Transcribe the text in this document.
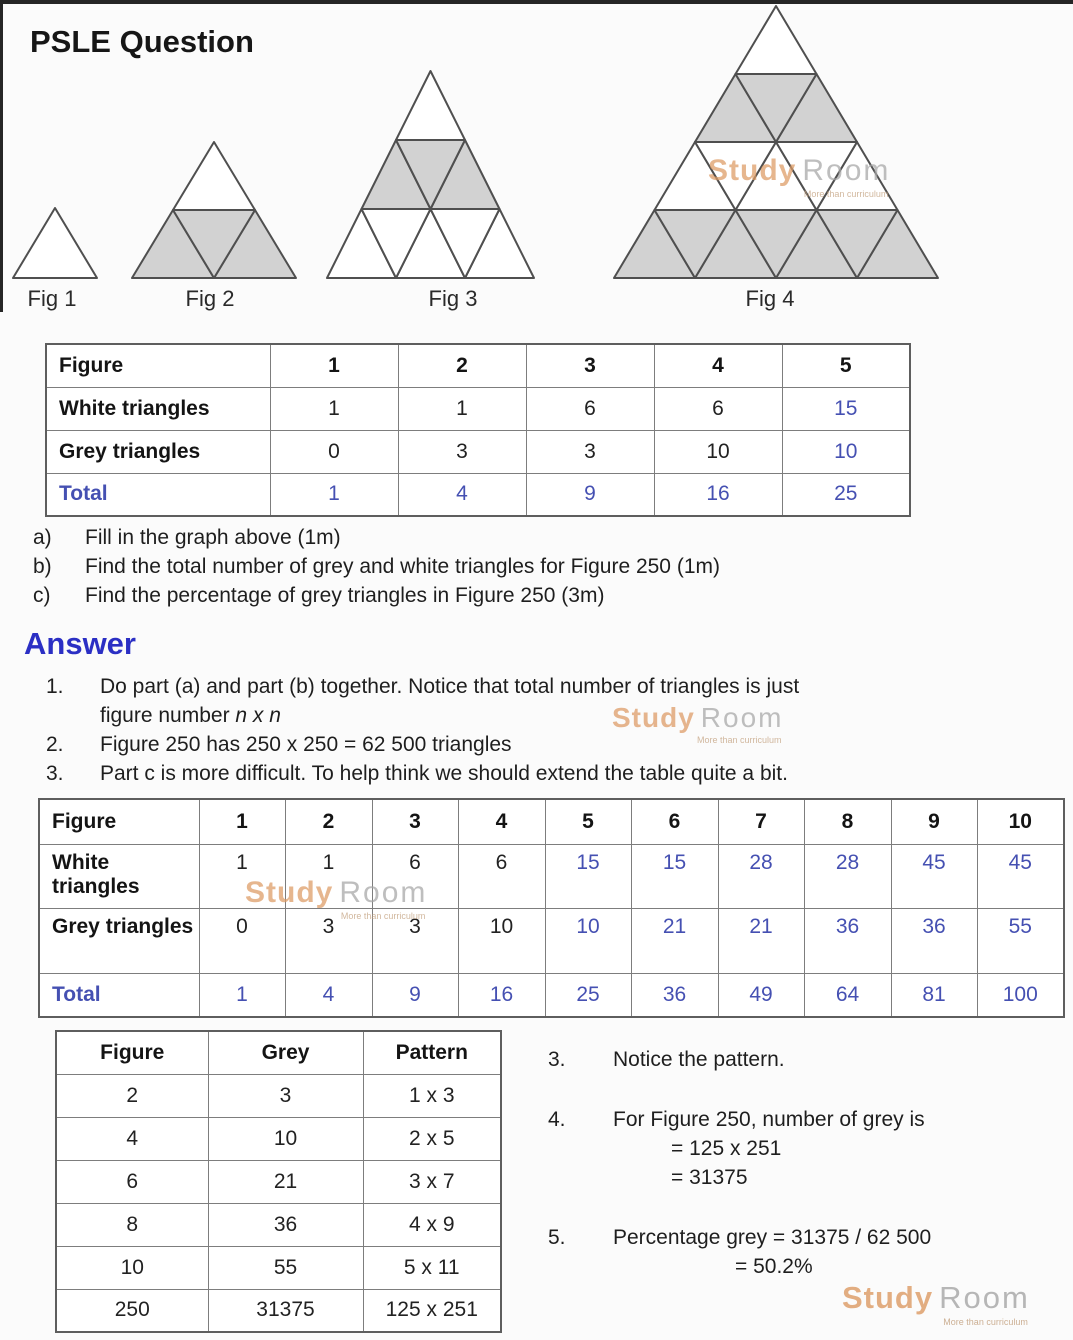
PSLE Question
Fig 1	Fig 2	Fig 3	Fig 4
Figure	1	2	3	4	5
White triangles	1	1	6	6	15
Grey triangles	0	3	3	10	10
Total	1	4	9	16	25
a)	Fill in the graph above (1m)
b)	Find the total number of grey and white triangles for Figure 250 (1m)
c)	Find the percentage of grey triangles in Figure 250 (3m)
Answer
1.	Do part (a) and part (b) together. Notice that total number of triangles is just
figure number n x n
2.	Figure 250 has 250 x 250 = 62 500 triangles
3.	Part c is more difficult. To help think we should extend the table quite a bit.
Figure	1	2	3	4	5	6	7	8	9	10
White triangles	1	1	6	6	15	15	28	28	45	45
Grey triangles	0	3	3	10	10	21	21	36	36	55
Total	1	4	9	16	25	36	49	64	81	100
Figure	Grey	Pattern
2	3	1 x 3
4	10	2 x 5
6	21	3 x 7
8	36	4 x 9
10	55	5 x 11
250	31375	125 x 251
3.	Notice the pattern.
4.	For Figure 250, number of grey is
= 125 x 251
= 31375
5.	Percentage grey = 31375 / 62 500
= 50.2%
Study Room
More than curriculum
Study Room
More than curriculum
Study Room
More than curriculum
Study Room
More than curriculum
